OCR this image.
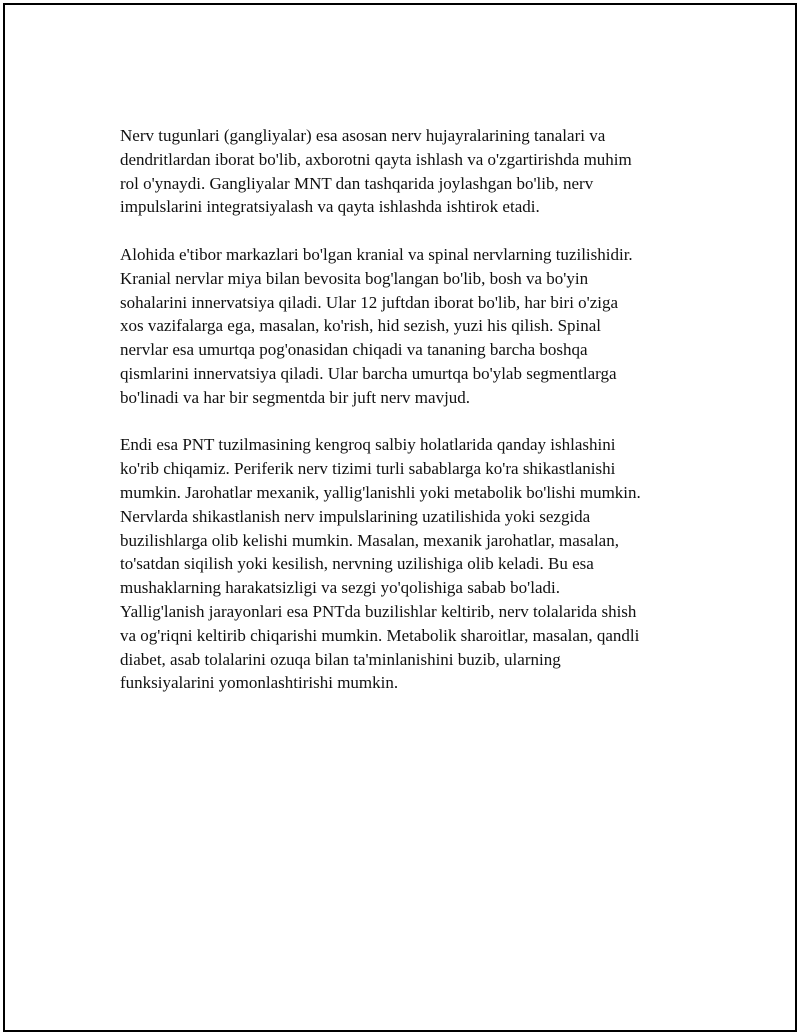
Nerv tugunlari (gangliyalar) esa asosan nerv hujayralarining tanalari va
dendritlardan iborat bo'lib, axborotni qayta ishlash va o'zgartirishda muhim
rol o'ynaydi. Gangliyalar MNT dan tashqarida joylashgan bo'lib, nerv
impulslarini integratsiyalash va qayta ishlashda ishtirok etadi.
Alohida e'tibor markazlari bo'lgan kranial va spinal nervlarning tuzilishidir.
Kranial nervlar miya bilan bevosita bog'langan bo'lib, bosh va bo'yin
sohalarini innervatsiya qiladi. Ular 12 juftdan iborat bo'lib, har biri o'ziga
xos vazifalarga ega, masalan, ko'rish, hid sezish, yuzi his qilish. Spinal
nervlar esa umurtqa pog'onasidan chiqadi va tananing barcha boshqa
qismlarini innervatsiya qiladi. Ular barcha umurtqa bo'ylab segmentlarga
bo'linadi va har bir segmentda bir juft nerv mavjud.
Endi esa PNT tuzilmasining kengroq salbiy holatlarida qanday ishlashini
ko'rib chiqamiz. Periferik nerv tizimi turli sabablarga ko'ra shikastlanishi
mumkin. Jarohatlar mexanik, yallig'lanishli yoki metabolik bo'lishi mumkin.
Nervlarda shikastlanish nerv impulslarining uzatilishida yoki sezgida
buzilishlarga olib kelishi mumkin. Masalan, mexanik jarohatlar, masalan,
to'satdan siqilish yoki kesilish, nervning uzilishiga olib keladi. Bu esa
mushaklarning harakatsizligi va sezgi yo'qolishiga sabab bo'ladi.
Yallig'lanish jarayonlari esa PNTda buzilishlar keltirib, nerv tolalarida shish
va og'riqni keltirib chiqarishi mumkin. Metabolik sharoitlar, masalan, qandli
diabet, asab tolalarini ozuqa bilan ta'minlanishini buzib, ularning
funksiyalarini yomonlashtirishi mumkin.
